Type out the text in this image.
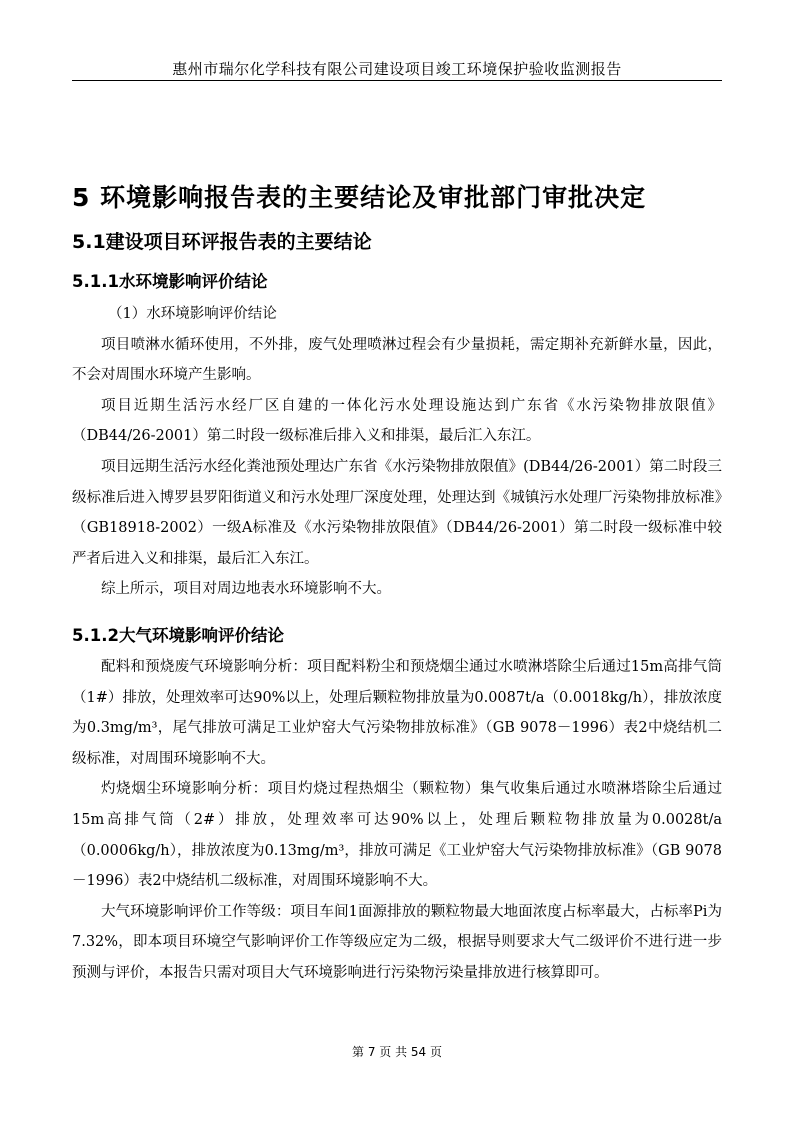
惠州市瑞尔化学科技有限公司建设项目竣工环境保护验收监测报告
5 环境影响报告表的主要结论及审批部门审批决定
5.1建设项目环评报告表的主要结论
5.1.1水环境影响评价结论

（1）水环境影响评价结论

项目喷淋水循环使用，不外排，废气处理喷淋过程会有少量损耗，需定期补充新鲜水量，因此，不会对周围水环境产生影响。

项目近期生活污水经厂区自建的一体化污水处理设施达到广东省《水污染物排放限值》（DB44/26-2001）第二时段一级标准后排入义和排渠，最后汇入东江。

项目远期生活污水经化粪池预处理达广东省《水污染物排放限值》(DB44/26-2001）第二时段三级标准后进入博罗县罗阳街道义和污水处理厂深度处理，处理达到《城镇污水处理厂污染物排放标准》（GB18918-2002）一级A标准及《水污染物排放限值》（DB44/26-2001）第二时段一级标准中较严者后进入义和排渠，最后汇入东江。

综上所示，项目对周边地表水环境影响不大。

5.1.2大气环境影响评价结论

配料和预烧废气环境影响分析：项目配料粉尘和预烧烟尘通过水喷淋塔除尘后通过15m高排气筒（1#）排放，处理效率可达90%以上，处理后颗粒物排放量为0.0087t/a（0.0018kg/h），排放浓度为0.3mg/m³，尾气排放可满足工业炉窑大气污染物排放标准》（GB 9078－1996）表2中烧结机二级标准，对周围环境影响不大。

灼烧烟尘环境影响分析：项目灼烧过程热烟尘（颗粒物）集气收集后通过水喷淋塔除尘后通过15m高排气筒（2#）排放，处理效率可达90%以上，处理后颗粒物排放量为0.0028t/a（0.0006kg/h），排放浓度为0.13mg/m³，排放可满足《工业炉窑大气污染物排放标准》（GB 9078－1996）表2中烧结机二级标准，对周围环境影响不大。

大气环境影响评价工作等级：项目车间1面源排放的颗粒物最大地面浓度占标率最大，占标率Pi为7.32%，即本项目环境空气影响评价工作等级应定为二级，根据导则要求大气二级评价不进行进一步预测与评价，本报告只需对项目大气环境影响进行污染物污染量排放进行核算即可。

第 7 页 共 54 页
